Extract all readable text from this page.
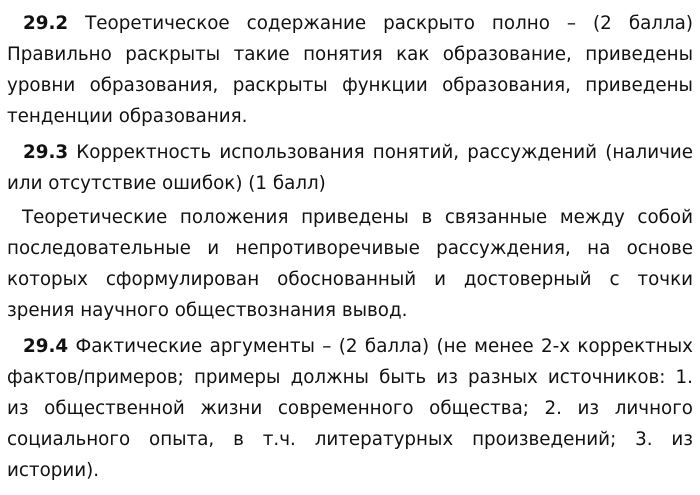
29.2 Теоретическое содержание раскрыто полно – (2 балла)
Правильно раскрыты такие понятия как образование, приведены
уровни образования, раскрыты функции образования, приведены
тенденции образования.
29.3 Корректность использования понятий, рассуждений (наличие
или отсутствие ошибок) (1 балл)
Теоретические положения приведены в связанные между собой
последовательные и непротиворечивые рассуждения, на основе
которых сформулирован обоснованный и достоверный с точки
зрения научного обществознания вывод.
29.4 Фактические аргументы – (2 балла) (не менее 2-х корректных
фактов/примеров; примеры должны быть из разных источников: 1.
из общественной жизни современного общества; 2. из личного
социального опыта, в т.ч. литературных произведений; 3. из
истории).
